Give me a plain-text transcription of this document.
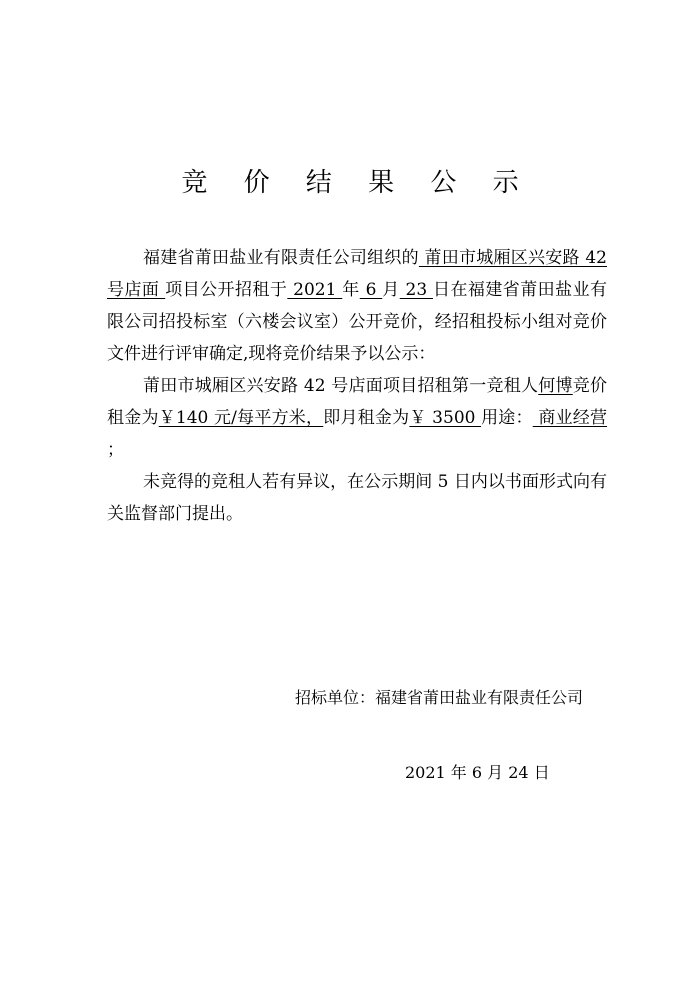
竞 价 结 果 公 示

福建省莆田盐业有限责任公司组织的 莆田市城厢区兴安路 42 号店面 项目公开招租于 2021 年 6 月 23 日在福建省莆田盐业有限公司招投标室（六楼会议室）公开竞价，经招租投标小组对竞价文件进行评审确定,现将竞价结果予以公示：

莆田市城厢区兴安路 42 号店面项目招租第一竞租人何博竞价租金为￥140 元/每平方米，即月租金为￥ 3500 用途： 商业经营 ；

未竞得的竞租人若有异议，在公示期间 5 日内以书面形式向有关监督部门提出。

招标单位：福建省莆田盐业有限责任公司
2021 年 6 月 24 日
